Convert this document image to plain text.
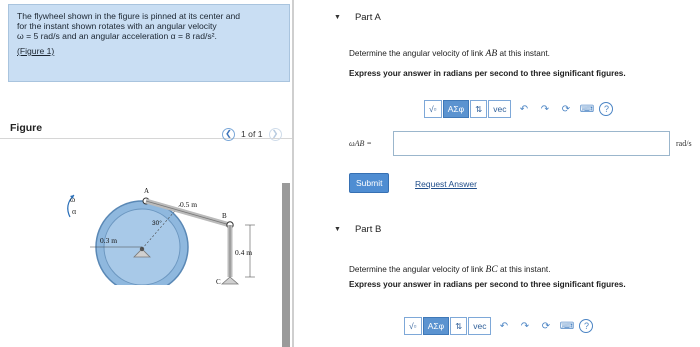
The flywheel shown in the figure is pinned at its center and
for the instant shown rotates with an angular velocity
ω = 5 rad/s and an angular acceleration α = 8 rad/s².
(Figure 1)
Figure	❮	1 of 1	❯
ω
α
0.3 m
30°
A
0.5 m
B
0.4 m
C
▼ Part A
Determine the angular velocity of link AB at this instant.
Express your answer in radians per second to three significant figures.
√▫	ΑΣφ	⇅	vec	↶	↷	⟳ ⌨	?
ωAB =	rad/s
Submit	Request Answer
▼ Part B
Determine the angular velocity of link BC at this instant.
Express your answer in radians per second to three significant figures.
√▫	ΑΣφ	⇅	vec	↶	↷	⟳ ⌨	?
